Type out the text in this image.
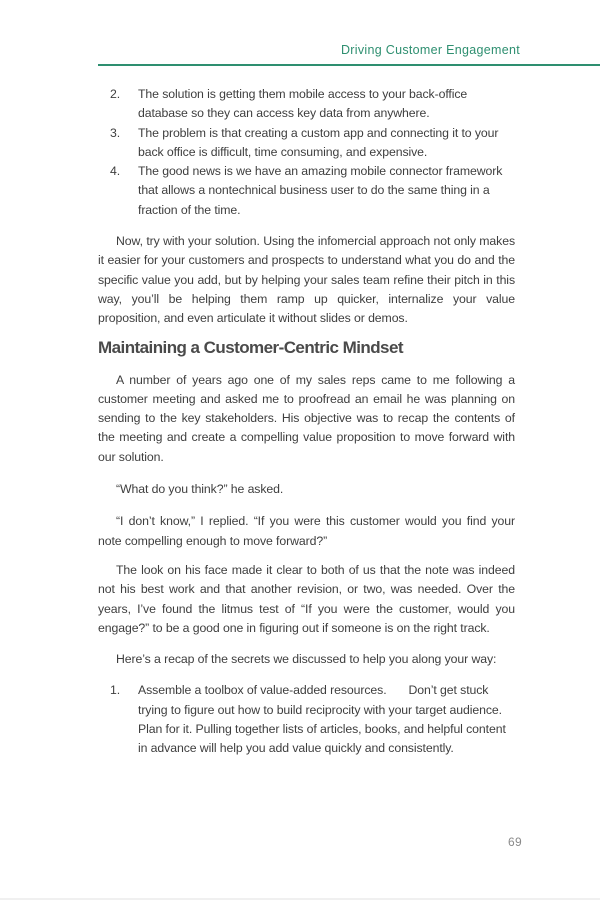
Driving Customer Engagement
2.	The solution is getting them mobile access to your back-office database so they can access key data from anywhere.
3.	The problem is that creating a custom app and connecting it to your back office is difficult, time consuming, and expensive.
4.	The good news is we have an amazing mobile connector framework that allows a nontechnical business user to do the same thing in a fraction of the time.

Now, try with your solution. Using the infomercial approach not only makes it easier for your customers and prospects to understand what you do and the specific value you add, but by helping your sales team refine their pitch in this way, you’ll be helping them ramp up quicker, internalize your value proposition, and even articulate it without slides or demos.

Maintaining a Customer-Centric Mindset

A number of years ago one of my sales reps came to me following a customer meeting and asked me to proofread an email he was planning on sending to the key stakeholders. His objective was to recap the contents of the meeting and create a compelling value proposition to move forward with our solution.

“What do you think?” he asked.

“I don’t know,” I replied. “If you were this customer would you find your note compelling enough to move forward?”

The look on his face made it clear to both of us that the note was indeed not his best work and that another revision, or two, was needed. Over the years, I’ve found the litmus test of “If you were the customer, would you engage?” to be a good one in figuring out if someone is on the right track.

Here’s a recap of the secrets we discussed to help you along your way:

1.	Assemble a toolbox of value-added resources. Don’t get stuck trying to figure out how to build reciprocity with your target audience. Plan for it. Pulling together lists of articles, books, and helpful content in advance will help you add value quickly and consistently.
69
